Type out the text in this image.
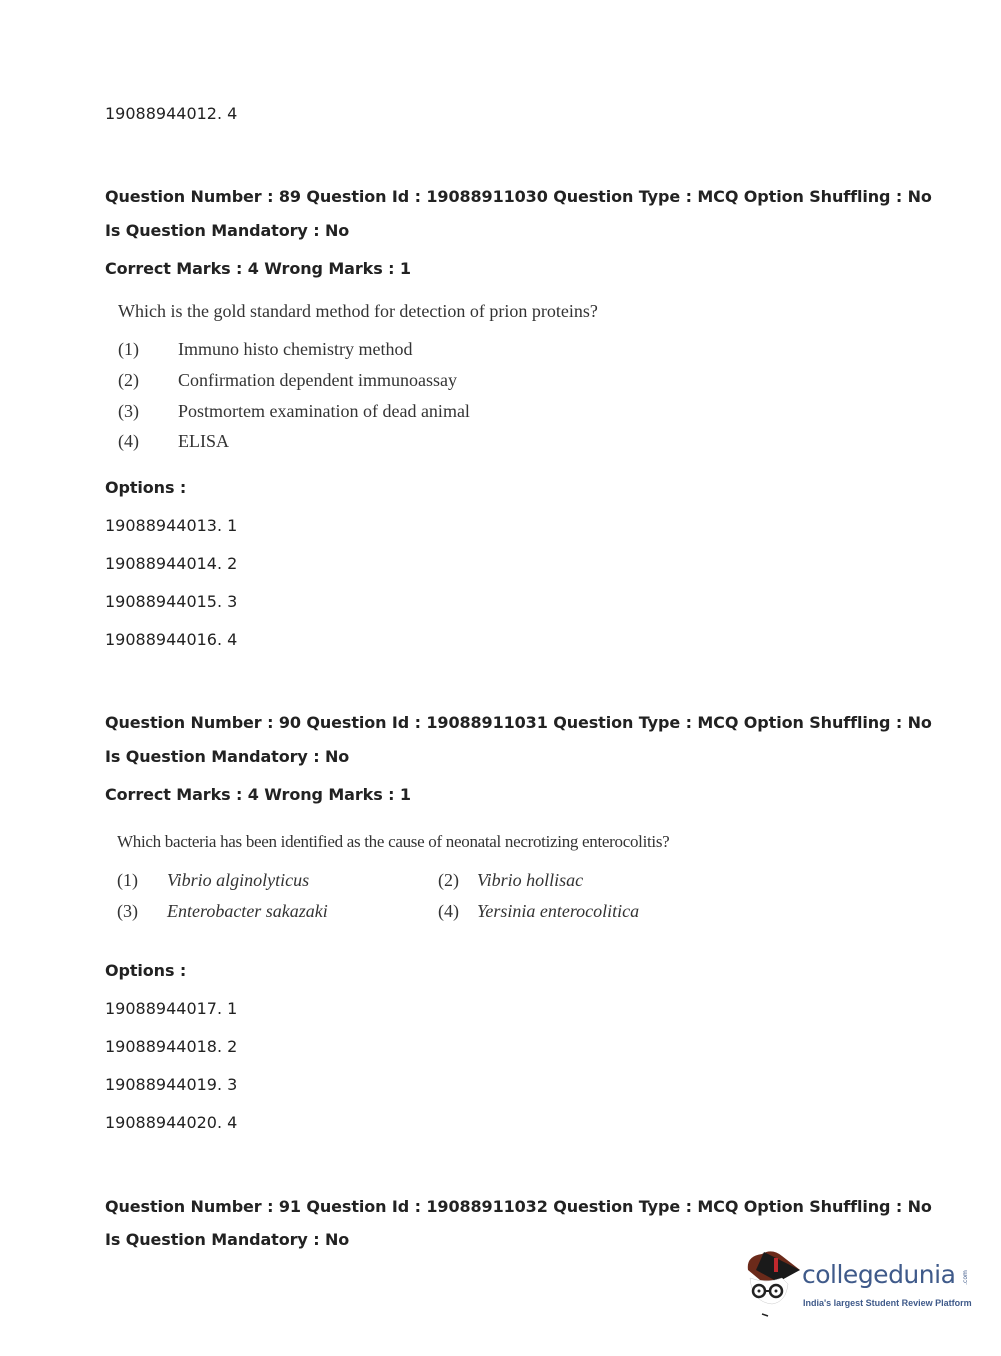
19088944012. 4
Question Number : 89 Question Id : 19088911030 Question Type : MCQ Option Shuffling : No
Is Question Mandatory : No
Correct Marks : 4 Wrong Marks : 1
Which is the gold standard method for detection of prion proteins?
(1) Immuno histo chemistry method
(2) Confirmation dependent immunoassay
(3) Postmortem examination of dead animal
(4) ELISA
Options :
19088944013. 1
19088944014. 2
19088944015. 3
19088944016. 4
Question Number : 90 Question Id : 19088911031 Question Type : MCQ Option Shuffling : No
Is Question Mandatory : No
Correct Marks : 4 Wrong Marks : 1
Which bacteria has been identified as the cause of neonatal necrotizing enterocolitis?
(1) Vibrio alginolyticus	(2) Vibrio hollisac
(3) Enterobacter sakazaki	(4) Yersinia enterocolitica
Options :
19088944017. 1
19088944018. 2
19088944019. 3
19088944020. 4
Question Number : 91 Question Id : 19088911032 Question Type : MCQ Option Shuffling : No
Is Question Mandatory : No
collegedunia .com
India's largest Student Review Platform
